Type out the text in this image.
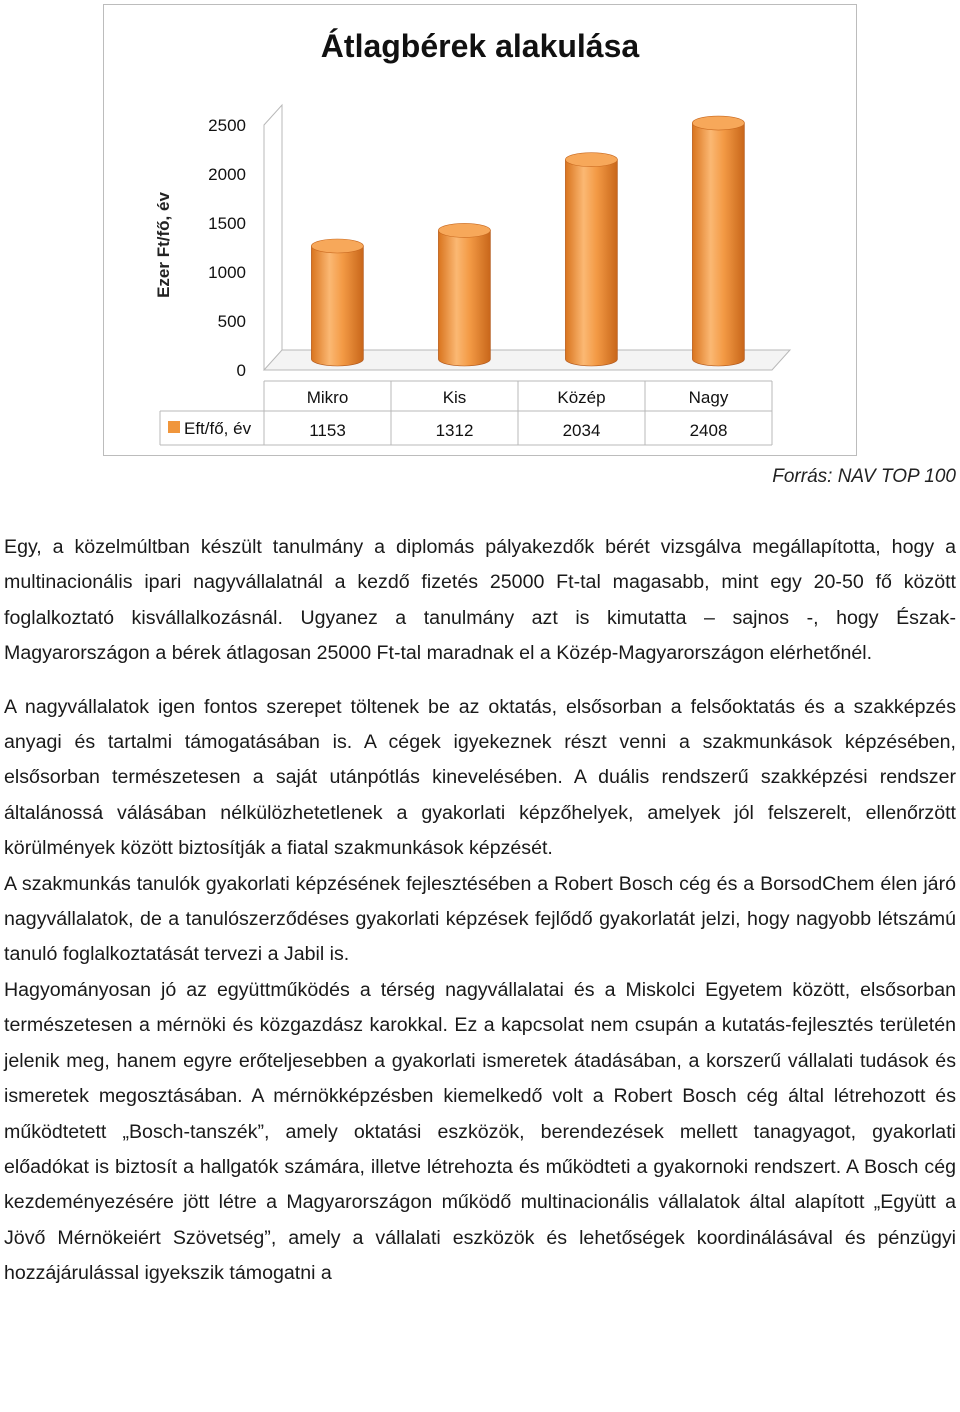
Átlagbérek alakulása
Ezer Ft/fő, év
0
500
1000
1500
2000
2500
Eft/fő, év
Mikro
1153
Kis
1312
Közép
2034
Nagy
2408
Forrás: NAV TOP 100

Egy, a közelmúltban készült tanulmány a diplomás pályakezdők bérét vizsgálva megállapította, hogy a multinacionális ipari nagyvállalatnál a kezdő fizetés 25000 Ft-tal magasabb, mint egy 20-50 fő között foglalkoztató kisvállalkozásnál. Ugyanez a tanulmány azt is kimutatta – sajnos -, hogy Észak-Magyarországon a bérek átlagosan 25000 Ft-tal maradnak el a Közép-Magyarországon elérhetőnél.

A nagyvállalatok igen fontos szerepet töltenek be az oktatás, elsősorban a felsőoktatás és a szakképzés anyagi és tartalmi támogatásában is. A cégek igyekeznek részt venni a szakmunkások képzésében, elsősorban természetesen a saját utánpótlás kinevelésében. A duális rendszerű szakképzési rendszer általánossá válásában nélkülözhetetlenek a gyakorlati képzőhelyek, amelyek jól felszerelt, ellenőrzött körülmények között biztosítják a fiatal szakmunkások képzését.

A szakmunkás tanulók gyakorlati képzésének fejlesztésében a Robert Bosch cég és a BorsodChem élen járó nagyvállalatok, de a tanulószerződéses gyakorlati képzések fejlődő gyakorlatát jelzi, hogy nagyobb létszámú tanuló foglalkoztatását tervezi a Jabil is.

Hagyományosan jó az együttműködés a térség nagyvállalatai és a Miskolci Egyetem között, elsősorban természetesen a mérnöki és közgazdász karokkal. Ez a kapcsolat nem csupán a kutatás-fejlesztés területén jelenik meg, hanem egyre erőteljesebben a gyakorlati ismeretek átadásában, a korszerű vállalati tudások és ismeretek megosztásában. A mérnökképzésben kiemelkedő volt a Robert Bosch cég által létrehozott és működtetett „Bosch-tanszék”, amely oktatási eszközök, berendezések mellett tanagyagot, gyakorlati előadókat is biztosít a hallgatók számára, illetve létrehozta és működteti a gyakornoki rendszert. A Bosch cég kezdeményezésére jött létre a Magyarországon működő multinacionális vállalatok által alapított „Együtt a Jövő Mérnökeiért Szövetség”, amely a vállalati eszközök és lehetőségek koordinálásával és pénzügyi hozzájárulással igyekszik támogatni a
